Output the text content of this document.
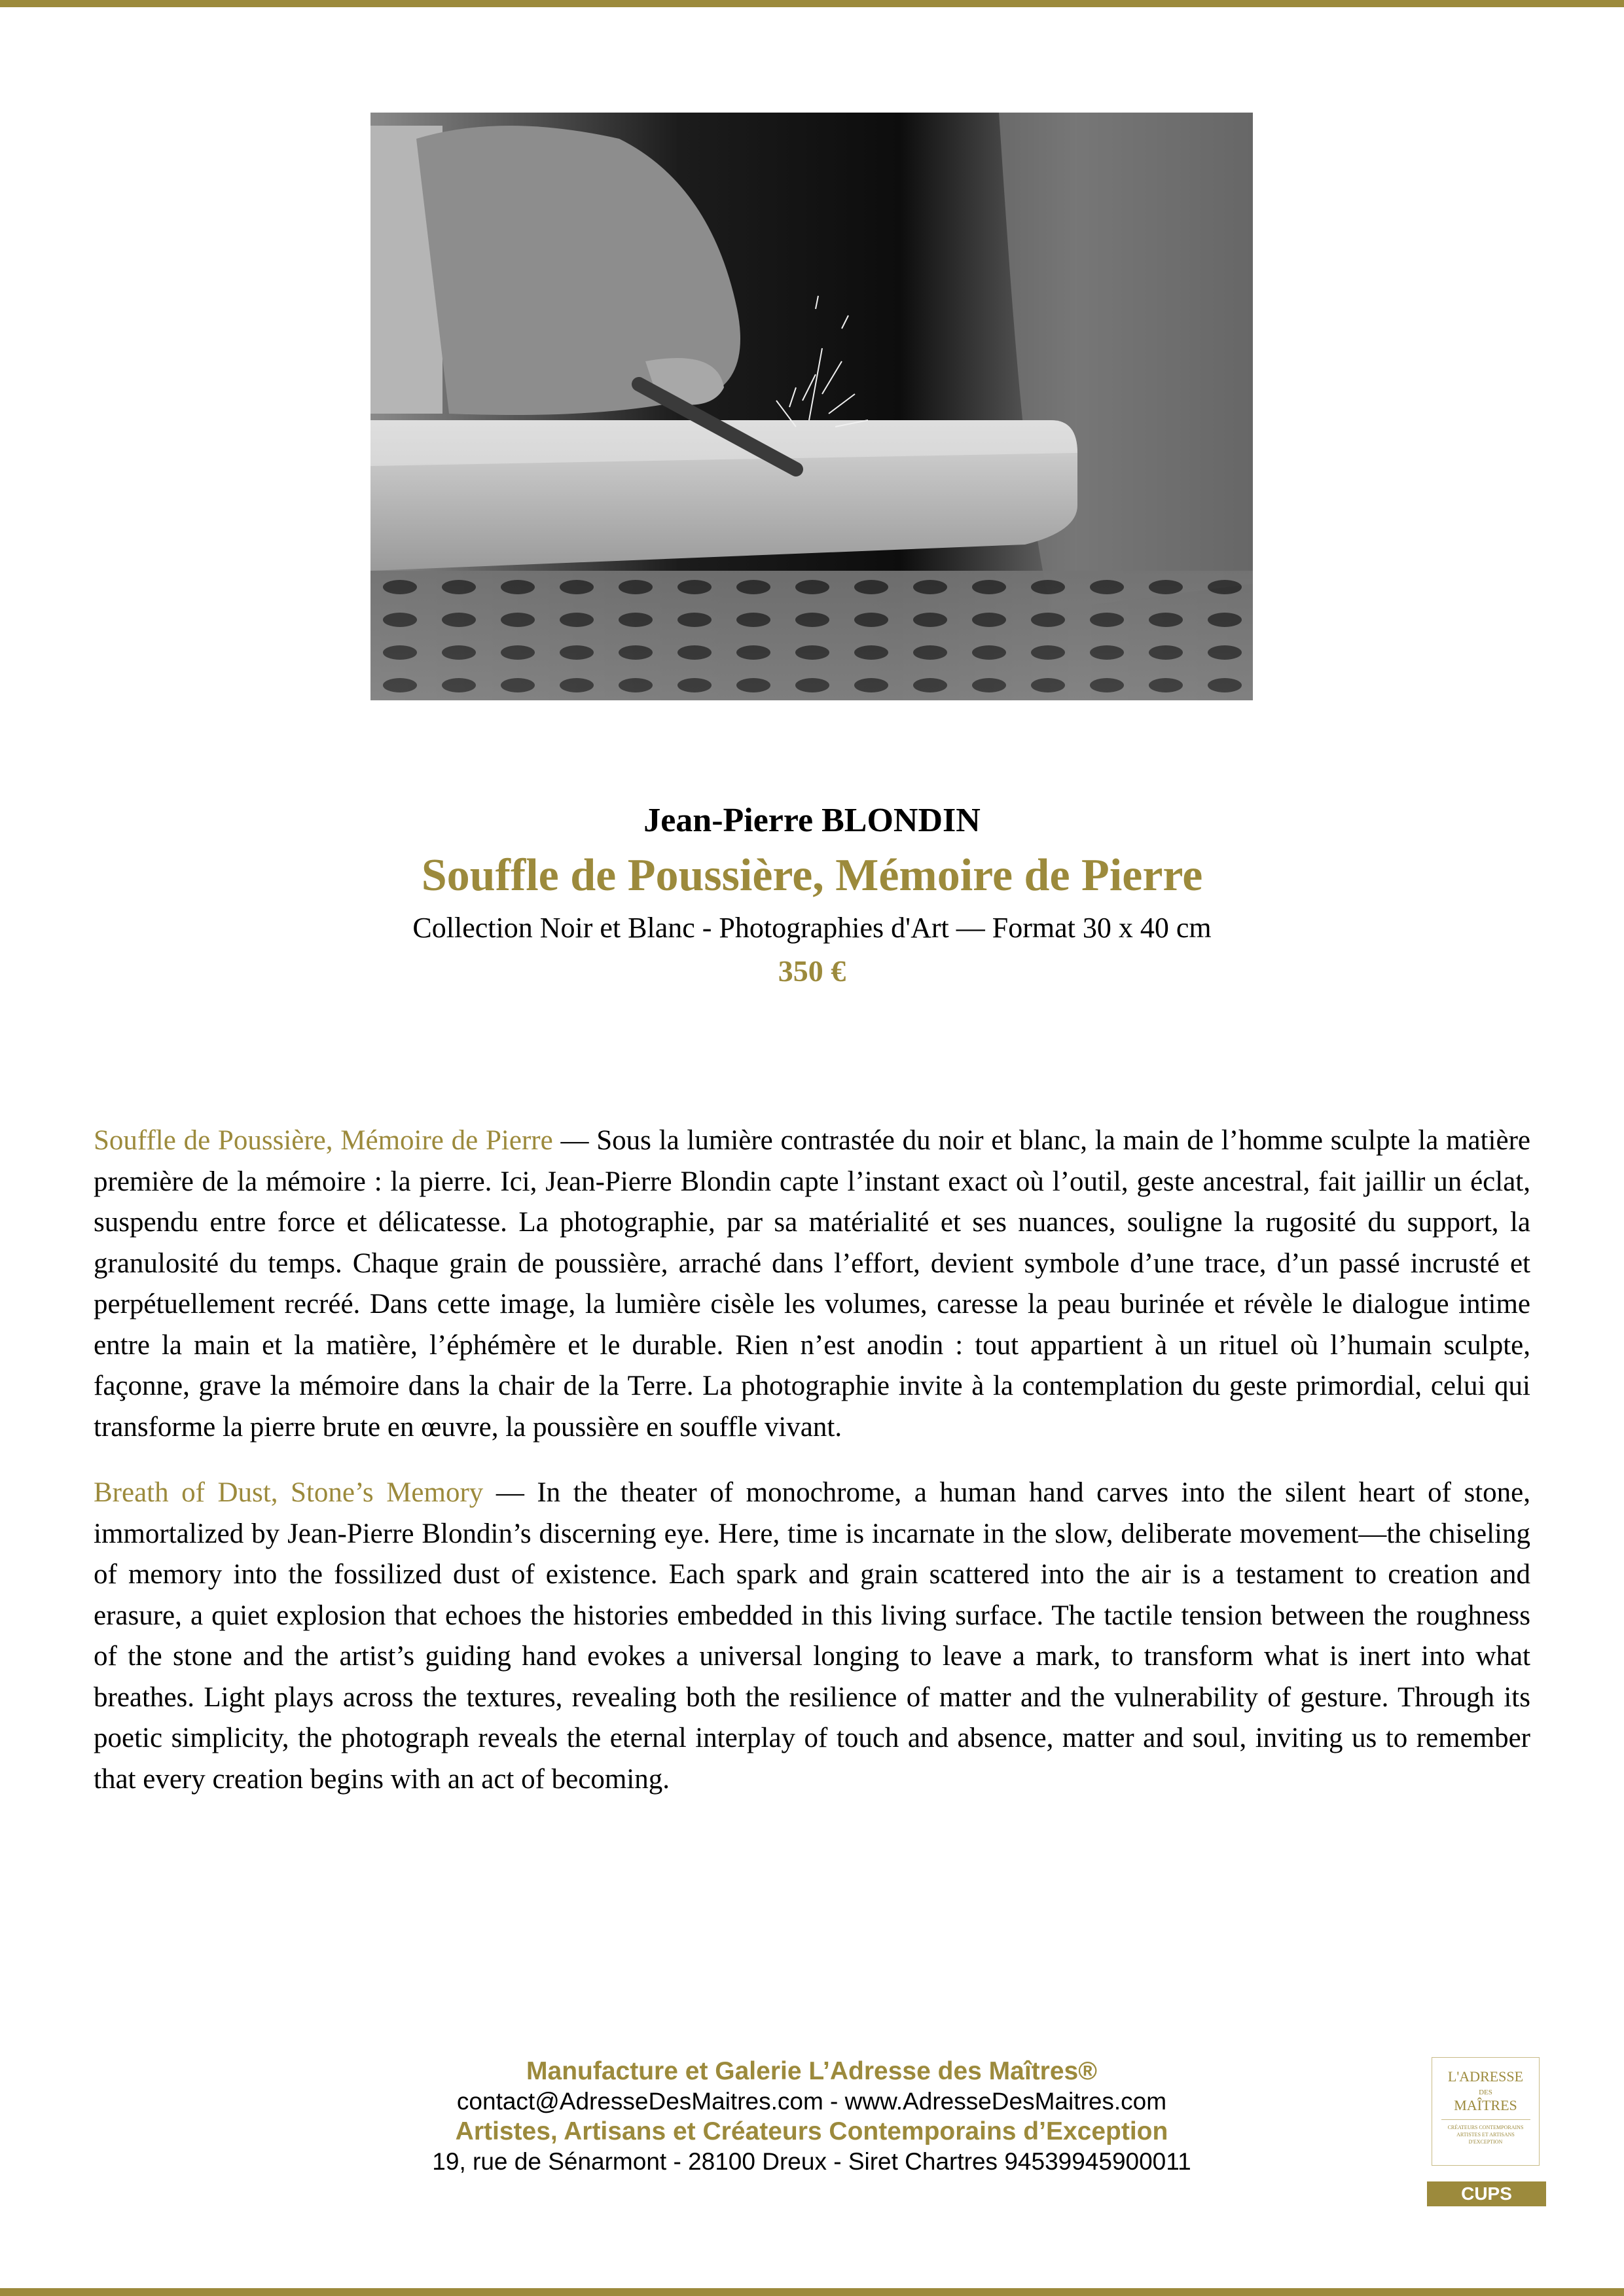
Jean-Pierre BLONDIN
Souffle de Poussière, Mémoire de Pierre
Collection Noir et Blanc - Photographies d'Art — Format 30 x 40 cm
350 €

Souffle de Poussière, Mémoire de Pierre — Sous la lumière contrastée du noir et blanc, la main de l’homme sculpte la matière première de la mémoire : la pierre. Ici, Jean-Pierre Blondin capte l’instant exact où l’outil, geste ancestral, fait jaillir un éclat, suspendu entre force et délicatesse. La photographie, par sa matérialité et ses nuances, souligne la rugosité du support, la granulosité du temps. Chaque grain de poussière, arraché dans l’effort, devient symbole d’une trace, d’un passé incrusté et perpétuellement recréé. Dans cette image, la lumière cisèle les volumes, caresse la peau burinée et révèle le dialogue intime entre la main et la matière, l’éphémère et le durable. Rien n’est anodin : tout appartient à un rituel où l’humain sculpte, façonne, grave la mémoire dans la chair de la Terre. La photographie invite à la contemplation du geste primordial, celui qui transforme la pierre brute en œuvre, la poussière en souffle vivant.

Breath of Dust, Stone’s Memory — In the theater of monochrome, a human hand carves into the silent heart of stone, immortalized by Jean-Pierre Blondin’s discerning eye. Here, time is incarnate in the slow, deliberate movement—the chiseling of memory into the fossilized dust of existence. Each spark and grain scattered into the air is a testament to creation and erasure, a quiet explosion that echoes the histories embedded in this living surface. The tactile tension between the roughness of the stone and the artist’s guiding hand evokes a universal longing to leave a mark, to transform what is inert into what breathes. Light plays across the textures, revealing both the resilience of matter and the vulnerability of gesture. Through its poetic simplicity, the photograph reveals the eternal interplay of touch and absence, matter and soul, inviting us to remember that every creation begins with an act of becoming.

Manufacture et Galerie L’Adresse des Maîtres®
contact@AdresseDesMaitres.com - www.AdresseDesMaitres.com
Artistes, Artisans et Créateurs Contemporains d’Exception
19, rue de Sénarmont - 28100 Dreux - Siret Chartres 94539945900011
L'ADRESSE
DES
MAÎTRES
CRÉATEURS CONTEMPORAINS
ARTISTES ET ARTISANS
D'EXCEPTION
CUPS
